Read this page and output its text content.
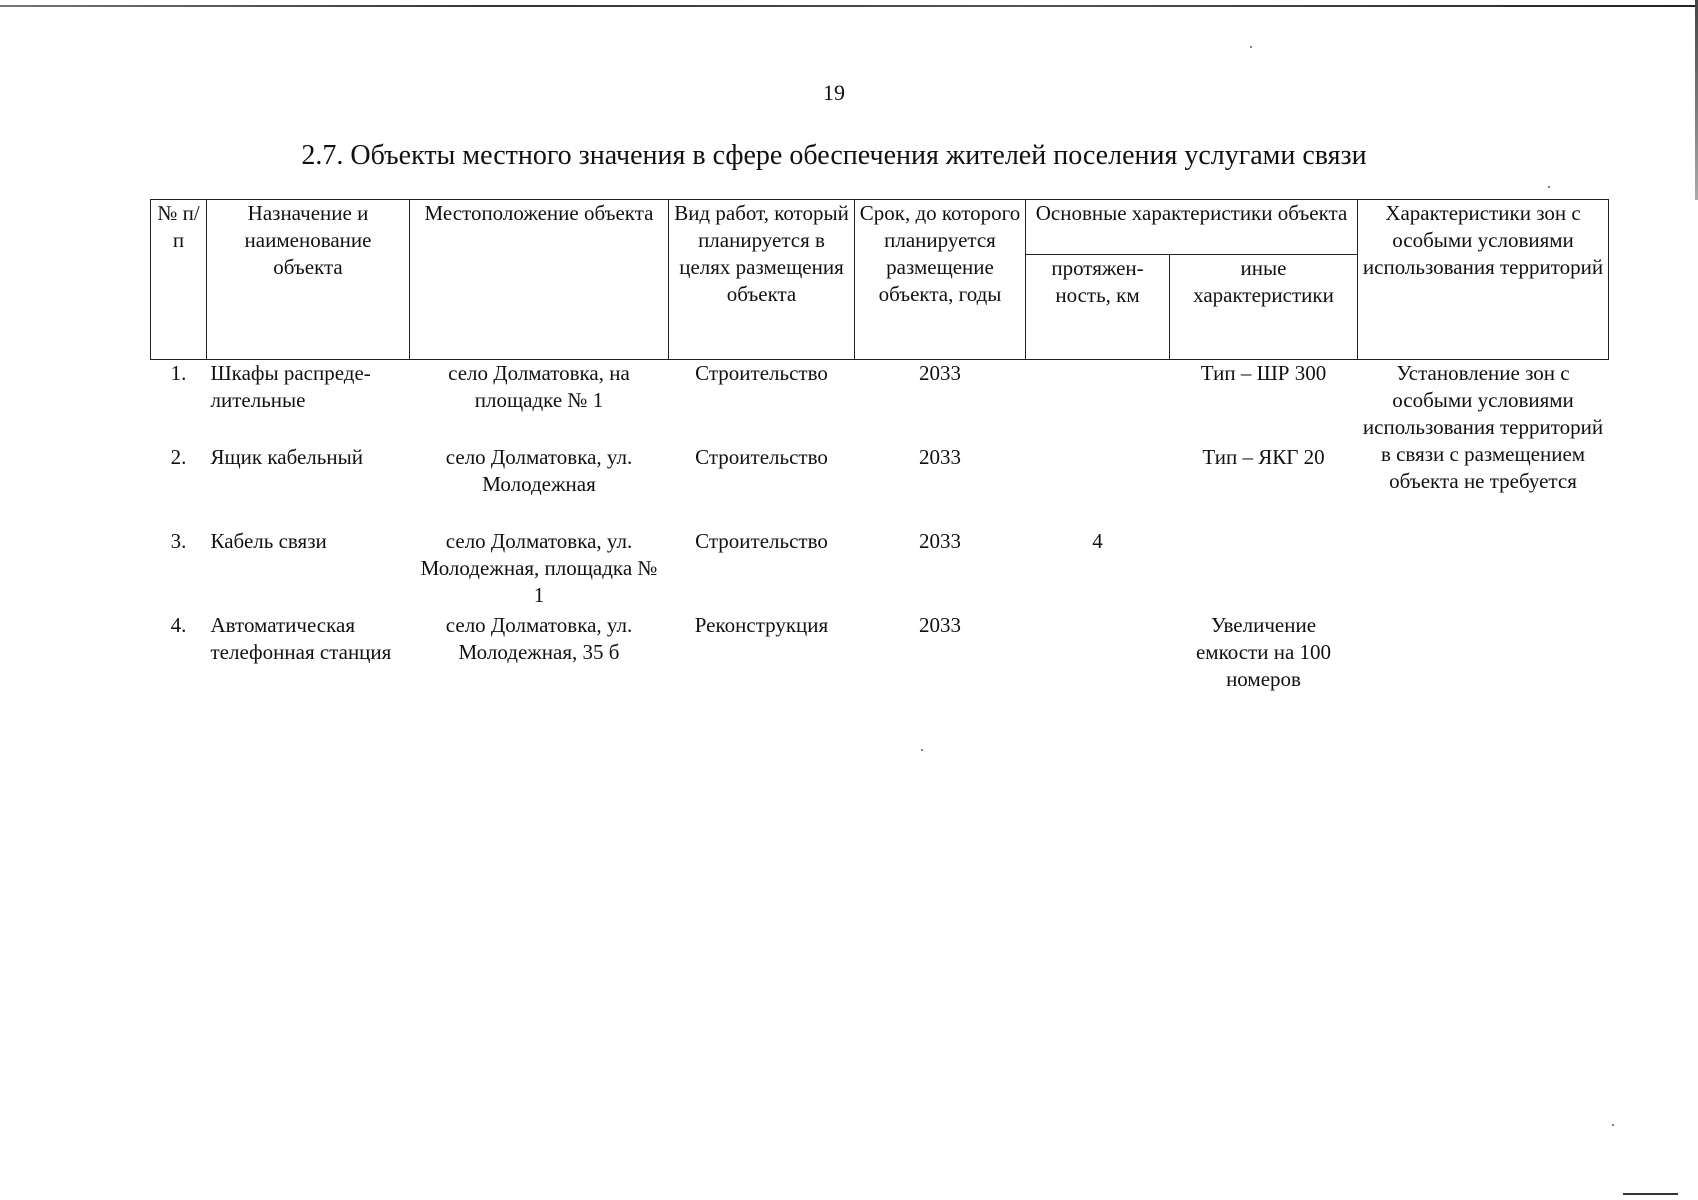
19
2.7. Объекты местного значения в сфере обеспечения жителей поселения услугами связи
№ п/п	Назначение и наименование объекта	Местоположение объекта	Вид работ, который планируется в целях размещения объекта	Срок, до которого планируется размещение объекта, годы	Основные характеристики объекта		Характеристики зон с особыми условиями использования территорий
					протяжен-ность, км	иные характеристики	
1.	Шкафы распреде-лительные	село Долматовка, на площадке № 1	Строительство	2033		Тип – ШР 300	Установление зон с особыми условиями использования территорий в связи с размещением объекта не требуется
2.	Ящик кабельный	село Долматовка, ул. Молодежная	Строительство	2033		Тип – ЯКГ 20	
3.	Кабель связи	село Долматовка, ул. Молодежная, площадка № 1	Строительство	2033	4		
4.	Автоматическая телефонная станция	село Долматовка, ул. Молодежная, 35 б	Реконструкция	2033		Увеличение емкости на 100 номеров	
